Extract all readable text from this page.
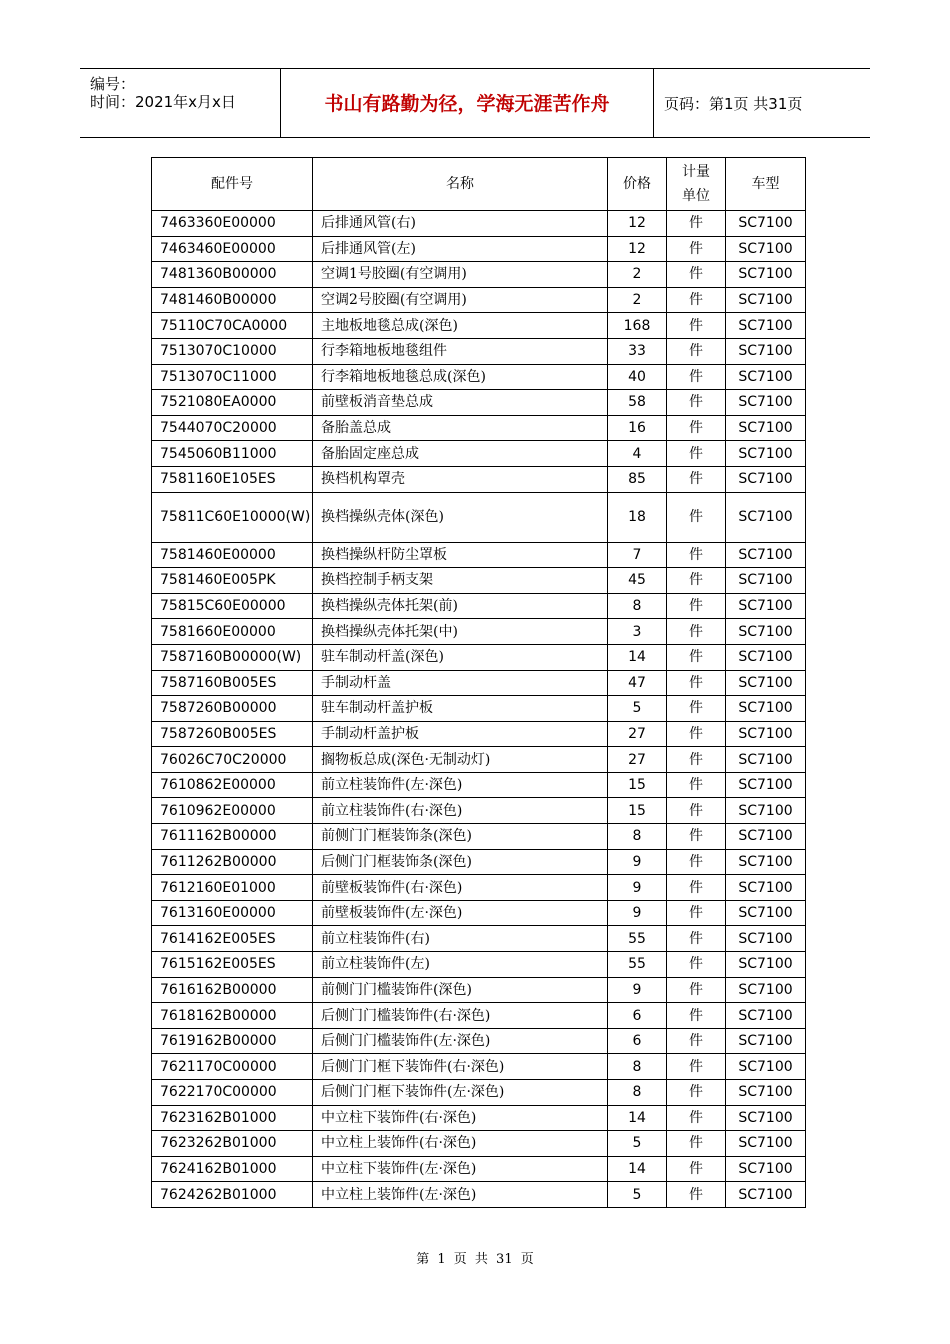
编号：
时间：2021年x月x日	书山有路勤为径，学海无涯苦作舟	页码：第1页 共31页
配件号	名称	价格	计量单位	车型
7463360E00000	后排通风管(右)	12	件	SC7100
7463460E00000	后排通风管(左)	12	件	SC7100
7481360B00000	空调1号胶圈(有空调用)	2	件	SC7100
7481460B00000	空调2号胶圈(有空调用)	2	件	SC7100
75110C70CA0000	主地板地毯总成(深色)	168	件	SC7100
7513070C10000	行李箱地板地毯组件	33	件	SC7100
7513070C11000	行李箱地板地毯总成(深色)	40	件	SC7100
7521080EA0000	前壁板消音垫总成	58	件	SC7100
7544070C20000	备胎盖总成	16	件	SC7100
7545060B11000	备胎固定座总成	4	件	SC7100
7581160E105ES	换档机构罩壳	85	件	SC7100
75811C60E10000(W)	换档操纵壳体(深色)	18	件	SC7100
7581460E00000	换档操纵杆防尘罩板	7	件	SC7100
7581460E005PK	换档控制手柄支架	45	件	SC7100
75815C60E00000	换档操纵壳体托架(前)	8	件	SC7100
7581660E00000	换档操纵壳体托架(中)	3	件	SC7100
7587160B00000(W)	驻车制动杆盖(深色)	14	件	SC7100
7587160B005ES	手制动杆盖	47	件	SC7100
7587260B00000	驻车制动杆盖护板	5	件	SC7100
7587260B005ES	手制动杆盖护板	27	件	SC7100
76026C70C20000	搁物板总成(深色·无制动灯)	27	件	SC7100
7610862E00000	前立柱装饰件(左·深色)	15	件	SC7100
7610962E00000	前立柱装饰件(右·深色)	15	件	SC7100
7611162B00000	前侧门门框装饰条(深色)	8	件	SC7100
7611262B00000	后侧门门框装饰条(深色)	9	件	SC7100
7612160E01000	前壁板装饰件(右·深色)	9	件	SC7100
7613160E00000	前壁板装饰件(左·深色)	9	件	SC7100
7614162E005ES	前立柱装饰件(右)	55	件	SC7100
7615162E005ES	前立柱装饰件(左)	55	件	SC7100
7616162B00000	前侧门门槛装饰件(深色)	9	件	SC7100
7618162B00000	后侧门门槛装饰件(右·深色)	6	件	SC7100
7619162B00000	后侧门门槛装饰件(左·深色)	6	件	SC7100
7621170C00000	后侧门门框下装饰件(右·深色)	8	件	SC7100
7622170C00000	后侧门门框下装饰件(左·深色)	8	件	SC7100
7623162B01000	中立柱下装饰件(右·深色)	14	件	SC7100
7623262B01000	中立柱上装饰件(右·深色)	5	件	SC7100
7624162B01000	中立柱下装饰件(左·深色)	14	件	SC7100
7624262B01000	中立柱上装饰件(左·深色)	5	件	SC7100
第 1 页 共 31 页
